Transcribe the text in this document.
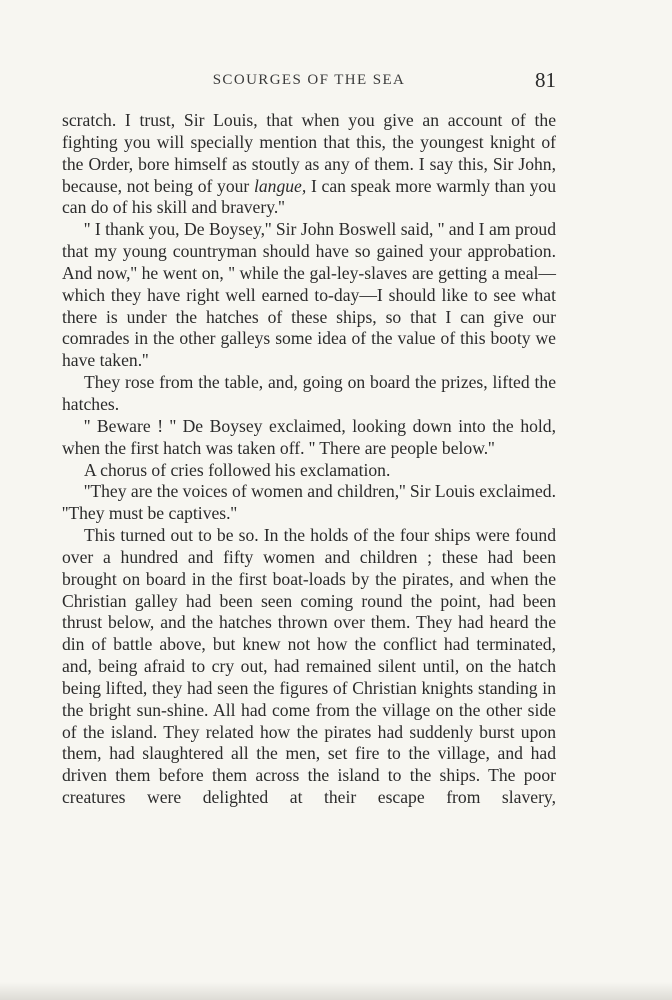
SCOURGES OF THE SEA	81

scratch. I trust, Sir Louis, that when you give an account of the fighting you will specially mention that this, the youngest knight of the Order, bore himself as stoutly as any of them. I say this, Sir John, because, not being of your langue, I can speak more warmly than you can do of his skill and bravery.''

'' I thank you, De Boysey,'' Sir John Boswell said, '' and I am proud that my young countryman should have so gained your approbation. And now,'' he went on, '' while the gal-ley-slaves are getting a meal—which they have right well earned to-day—I should like to see what there is under the hatches of these ships, so that I can give our comrades in the other galleys some idea of the value of this booty we have taken.''

They rose from the table, and, going on board the prizes, lifted the hatches.

'' Beware ! '' De Boysey exclaimed, looking down into the hold, when the first hatch was taken off. '' There are people below.''

A chorus of cries followed his exclamation.

''They are the voices of women and children,'' Sir Louis exclaimed. ''They must be captives.''

This turned out to be so. In the holds of the four ships were found over a hundred and fifty women and children ; these had been brought on board in the first boat-loads by the pirates, and when the Christian galley had been seen coming round the point, had been thrust below, and the hatches thrown over them. They had heard the din of battle above, but knew not how the conflict had terminated, and, being afraid to cry out, had remained silent until, on the hatch being lifted, they had seen the figures of Christian knights standing in the bright sun-shine. All had come from the village on the other side of the island. They related how the pirates had suddenly burst upon them, had slaughtered all the men, set fire to the village, and had driven them before them across the island to the ships. The poor creatures were delighted at their escape from slavery,
